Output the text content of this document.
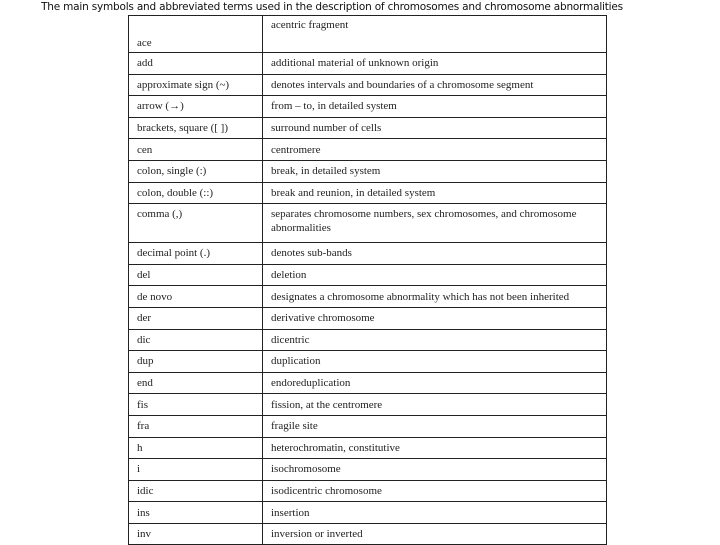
The main symbols and abbreviated terms used in the description of chromosomes and chromosome abnormalities
ace	acentric fragment
add	additional material of unknown origin
approximate sign (~)	denotes intervals and boundaries of a chromosome segment
arrow (→)	from – to, in detailed system
brackets, square ([ ])	surround number of cells
cen	centromere
colon, single (:)	break, in detailed system
colon, double (::)	break and reunion, in detailed system
comma (,)	separates chromosome numbers, sex chromosomes, and chromosome abnormalities
decimal point (.)	denotes sub-bands
del	deletion
de novo	designates a chromosome abnormality which has not been inherited
der	derivative chromosome
dic	dicentric
dup	duplication
end	endoreduplication
fis	fission, at the centromere
fra	fragile site
h	heterochromatin, constitutive
i	isochromosome
idic	isodicentric chromosome
ins	insertion
inv	inversion or inverted
